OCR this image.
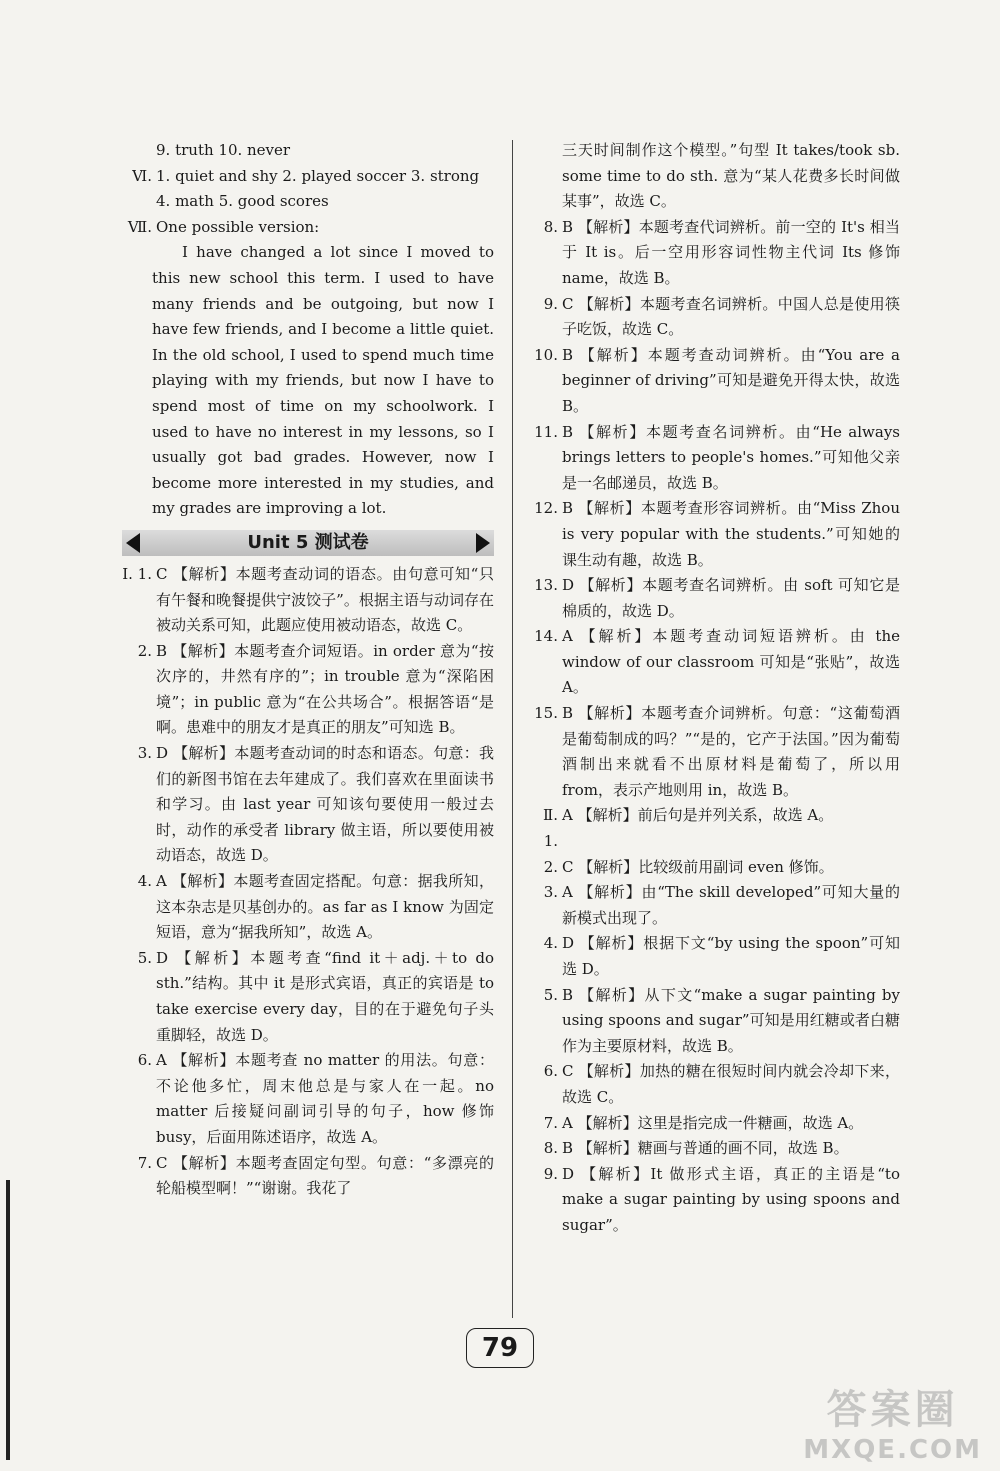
9. truth 10. never
Ⅵ. 1. quiet and shy 2. played soccer 3. strong
4. math 5. good scores
Ⅶ. One possible version:
I have changed a lot since I moved to this new school this term. I used to have many friends and be outgoing, but now I have few friends, and I become a little quiet. In the old school, I used to spend much time playing with my friends, but now I have to spend most of time on my schoolwork. I used to have no interest in my lessons, so I usually got bad grades. However, now I become more interested in my studies, and my grades are improving a lot.
Unit 5 测试卷
Ⅰ. 1. C 【解析】本题考查动词的语态。由句意可知“只有午餐和晚餐提供宁波饺子”。根据主语与动词存在被动关系可知，此题应使用被动语态，故选 C。
2. B 【解析】本题考查介词短语。in order 意为“按次序的，井然有序的”；in trouble 意为“深陷困境”；in public 意为“在公共场合”。根据答语“是啊。患难中的朋友才是真正的朋友”可知选 B。
3. D 【解析】本题考查动词的时态和语态。句意：我们的新图书馆在去年建成了。我们喜欢在里面读书和学习。由 last year 可知该句要使用一般过去时，动作的承受者 library 做主语，所以要使用被动语态，故选 D。
4. A 【解析】本题考查固定搭配。句意：据我所知，这本杂志是贝基创办的。as far as I know 为固定短语，意为“据我所知”，故选 A。
5. D 【解析】本题考查“find it＋adj.＋to do sth.”结构。其中 it 是形式宾语，真正的宾语是 to take exercise every day，目的在于避免句子头重脚轻，故选 D。
6. A 【解析】本题考查 no matter 的用法。句意：不论他多忙，周末他总是与家人在一起。no matter 后接疑问副词引导的句子，how 修饰 busy，后面用陈述语序，故选 A。
7. C 【解析】本题考查固定句型。句意：“多漂亮的轮船模型啊！”“谢谢。我花了
三天时间制作这个模型。”句型 It takes/took sb. some time to do sth. 意为“某人花费多长时间做某事”，故选 C。
8. B 【解析】本题考查代词辨析。前一空的 It's 相当于 It is。后一空用形容词性物主代词 Its 修饰 name，故选 B。
9. C 【解析】本题考查名词辨析。中国人总是使用筷子吃饭，故选 C。
10. B 【解析】本题考查动词辨析。由“You are a beginner of driving”可知是避免开得太快，故选 B。
11. B 【解析】本题考查名词辨析。由“He always brings letters to people's homes.”可知他父亲是一名邮递员，故选 B。
12. B 【解析】本题考查形容词辨析。由“Miss Zhou is very popular with the students.”可知她的课生动有趣，故选 B。
13. D 【解析】本题考查名词辨析。由 soft 可知它是棉质的，故选 D。
14. A 【解析】本题考查动词短语辨析。由 the window of our classroom 可知是“张贴”，故选 A。
15. B 【解析】本题考查介词辨析。句意：“这葡萄酒是葡萄制成的吗？”“是的，它产于法国。”因为葡萄酒制出来就看不出原材料是葡萄了，所以用 from，表示产地则用 in，故选 B。
Ⅱ. 1.
A 【解析】前后句是并列关系，故选 A。
2. C 【解析】比较级前用副词 even 修饰。
3. A 【解析】由“The skill developed”可知大量的新模式出现了。
4. D 【解析】根据下文“by using the spoon”可知选 D。
5. B 【解析】从下文“make a sugar painting by using spoons and sugar”可知是用红糖或者白糖作为主要原材料，故选 B。
6. C 【解析】加热的糖在很短时间内就会冷却下来，故选 C。
7. A 【解析】这里是指完成一件糖画，故选 A。
8. B 【解析】糖画与普通的画不同，故选 B。
9. D 【解析】It 做形式主语，真正的主语是“to make a sugar painting by using spoons and sugar”。
79
答案圈
MXQE.COM
